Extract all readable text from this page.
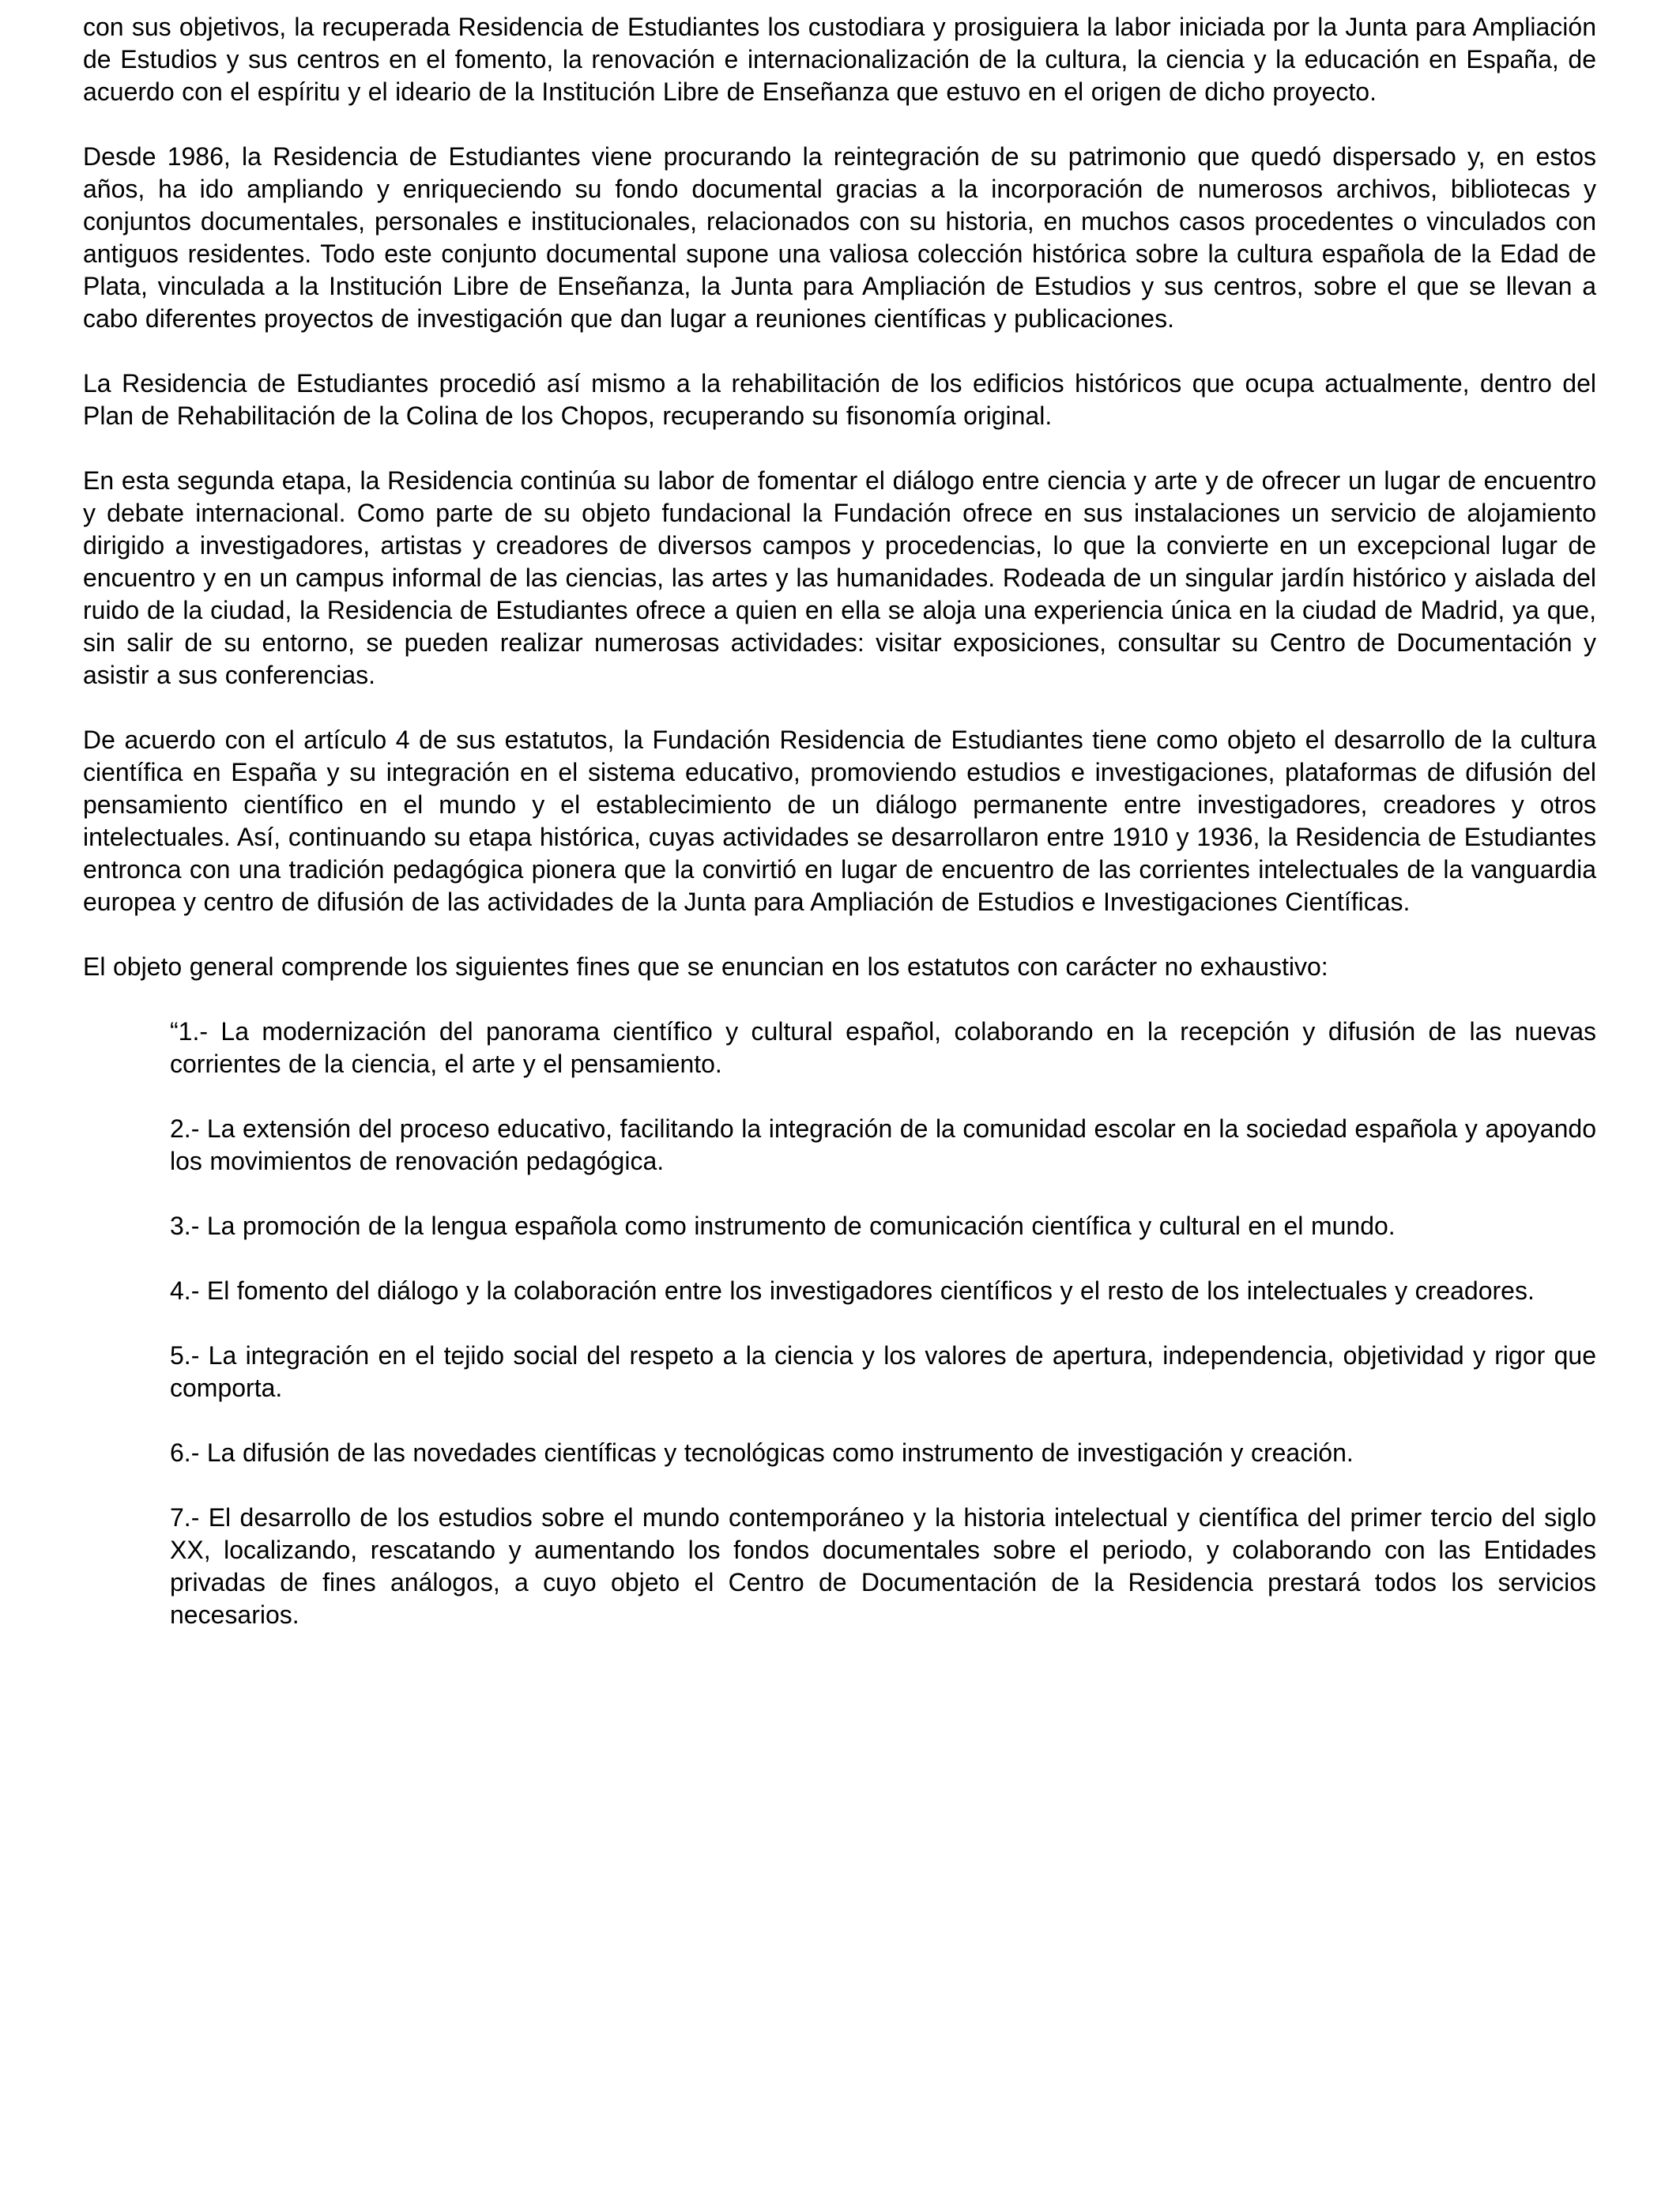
con sus objetivos, la recuperada Residencia de Estudiantes los custodiara y prosiguiera la labor iniciada por la Junta para Ampliación de Estudios y sus centros en el fomento, la renovación e internacionalización de la cultura, la ciencia y la educación en España, de acuerdo con el espíritu y el ideario de la Institución Libre de Enseñanza que estuvo en el origen de dicho proyecto.

Desde 1986, la Residencia de Estudiantes viene procurando la reintegración de su patrimonio que quedó dispersado y, en estos años, ha ido ampliando y enriqueciendo su fondo documental gracias a la incorporación de numerosos archivos, bibliotecas y conjuntos documentales, personales e institucionales, relacionados con su historia, en muchos casos procedentes o vinculados con antiguos residentes. Todo este conjunto documental supone una valiosa colección histórica sobre la cultura española de la Edad de Plata, vinculada a la Institución Libre de Enseñanza, la Junta para Ampliación de Estudios y sus centros, sobre el que se llevan a cabo diferentes proyectos de investigación que dan lugar a reuniones científicas y publicaciones.

La Residencia de Estudiantes procedió así mismo a la rehabilitación de los edificios históricos que ocupa actualmente, dentro del Plan de Rehabilitación de la Colina de los Chopos, recuperando su fisonomía original.

En esta segunda etapa, la Residencia continúa su labor de fomentar el diálogo entre ciencia y arte y de ofrecer un lugar de encuentro y debate internacional. Como parte de su objeto fundacional la Fundación ofrece en sus instalaciones un servicio de alojamiento dirigido a investigadores, artistas y creadores de diversos campos y procedencias, lo que la convierte en un excepcional lugar de encuentro y en un campus informal de las ciencias, las artes y las humanidades. Rodeada de un singular jardín histórico y aislada del ruido de la ciudad, la Residencia de Estudiantes ofrece a quien en ella se aloja una experiencia única en la ciudad de Madrid, ya que, sin salir de su entorno, se pueden realizar numerosas actividades: visitar exposiciones, consultar su Centro de Documentación y asistir a sus conferencias.

De acuerdo con el artículo 4 de sus estatutos, la Fundación Residencia de Estudiantes tiene como objeto el desarrollo de la cultura científica en España y su integración en el sistema educativo, promoviendo estudios e investigaciones, plataformas de difusión del pensamiento científico en el mundo y el establecimiento de un diálogo permanente entre investigadores, creadores y otros intelectuales. Así, continuando su etapa histórica, cuyas actividades se desarrollaron entre 1910 y 1936, la Residencia de Estudiantes entronca con una tradición pedagógica pionera que la convirtió en lugar de encuentro de las corrientes intelectuales de la vanguardia europea y centro de difusión de las actividades de la Junta para Ampliación de Estudios e Investigaciones Científicas.

El objeto general comprende los siguientes fines que se enuncian en los estatutos con carácter no exhaustivo:

“1.- La modernización del panorama científico y cultural español, colaborando en la recepción y difusión de las nuevas corrientes de la ciencia, el arte y el pensamiento.

2.- La extensión del proceso educativo, facilitando la integración de la comunidad escolar en la sociedad española y apoyando los movimientos de renovación pedagógica.

3.- La promoción de la lengua española como instrumento de comunicación científica y cultural en el mundo.

4.- El fomento del diálogo y la colaboración entre los investigadores científicos y el resto de los intelectuales y creadores.

5.- La integración en el tejido social del respeto a la ciencia y los valores de apertura, independencia, objetividad y rigor que comporta.

6.- La difusión de las novedades científicas y tecnológicas como instrumento de investigación y creación.

7.- El desarrollo de los estudios sobre el mundo contemporáneo y la historia intelectual y científica del primer tercio del siglo XX, localizando, rescatando y aumentando los fondos documentales sobre el periodo, y colaborando con las Entidades privadas de fines análogos, a cuyo objeto el Centro de Documentación de la Residencia prestará todos los servicios necesarios.
